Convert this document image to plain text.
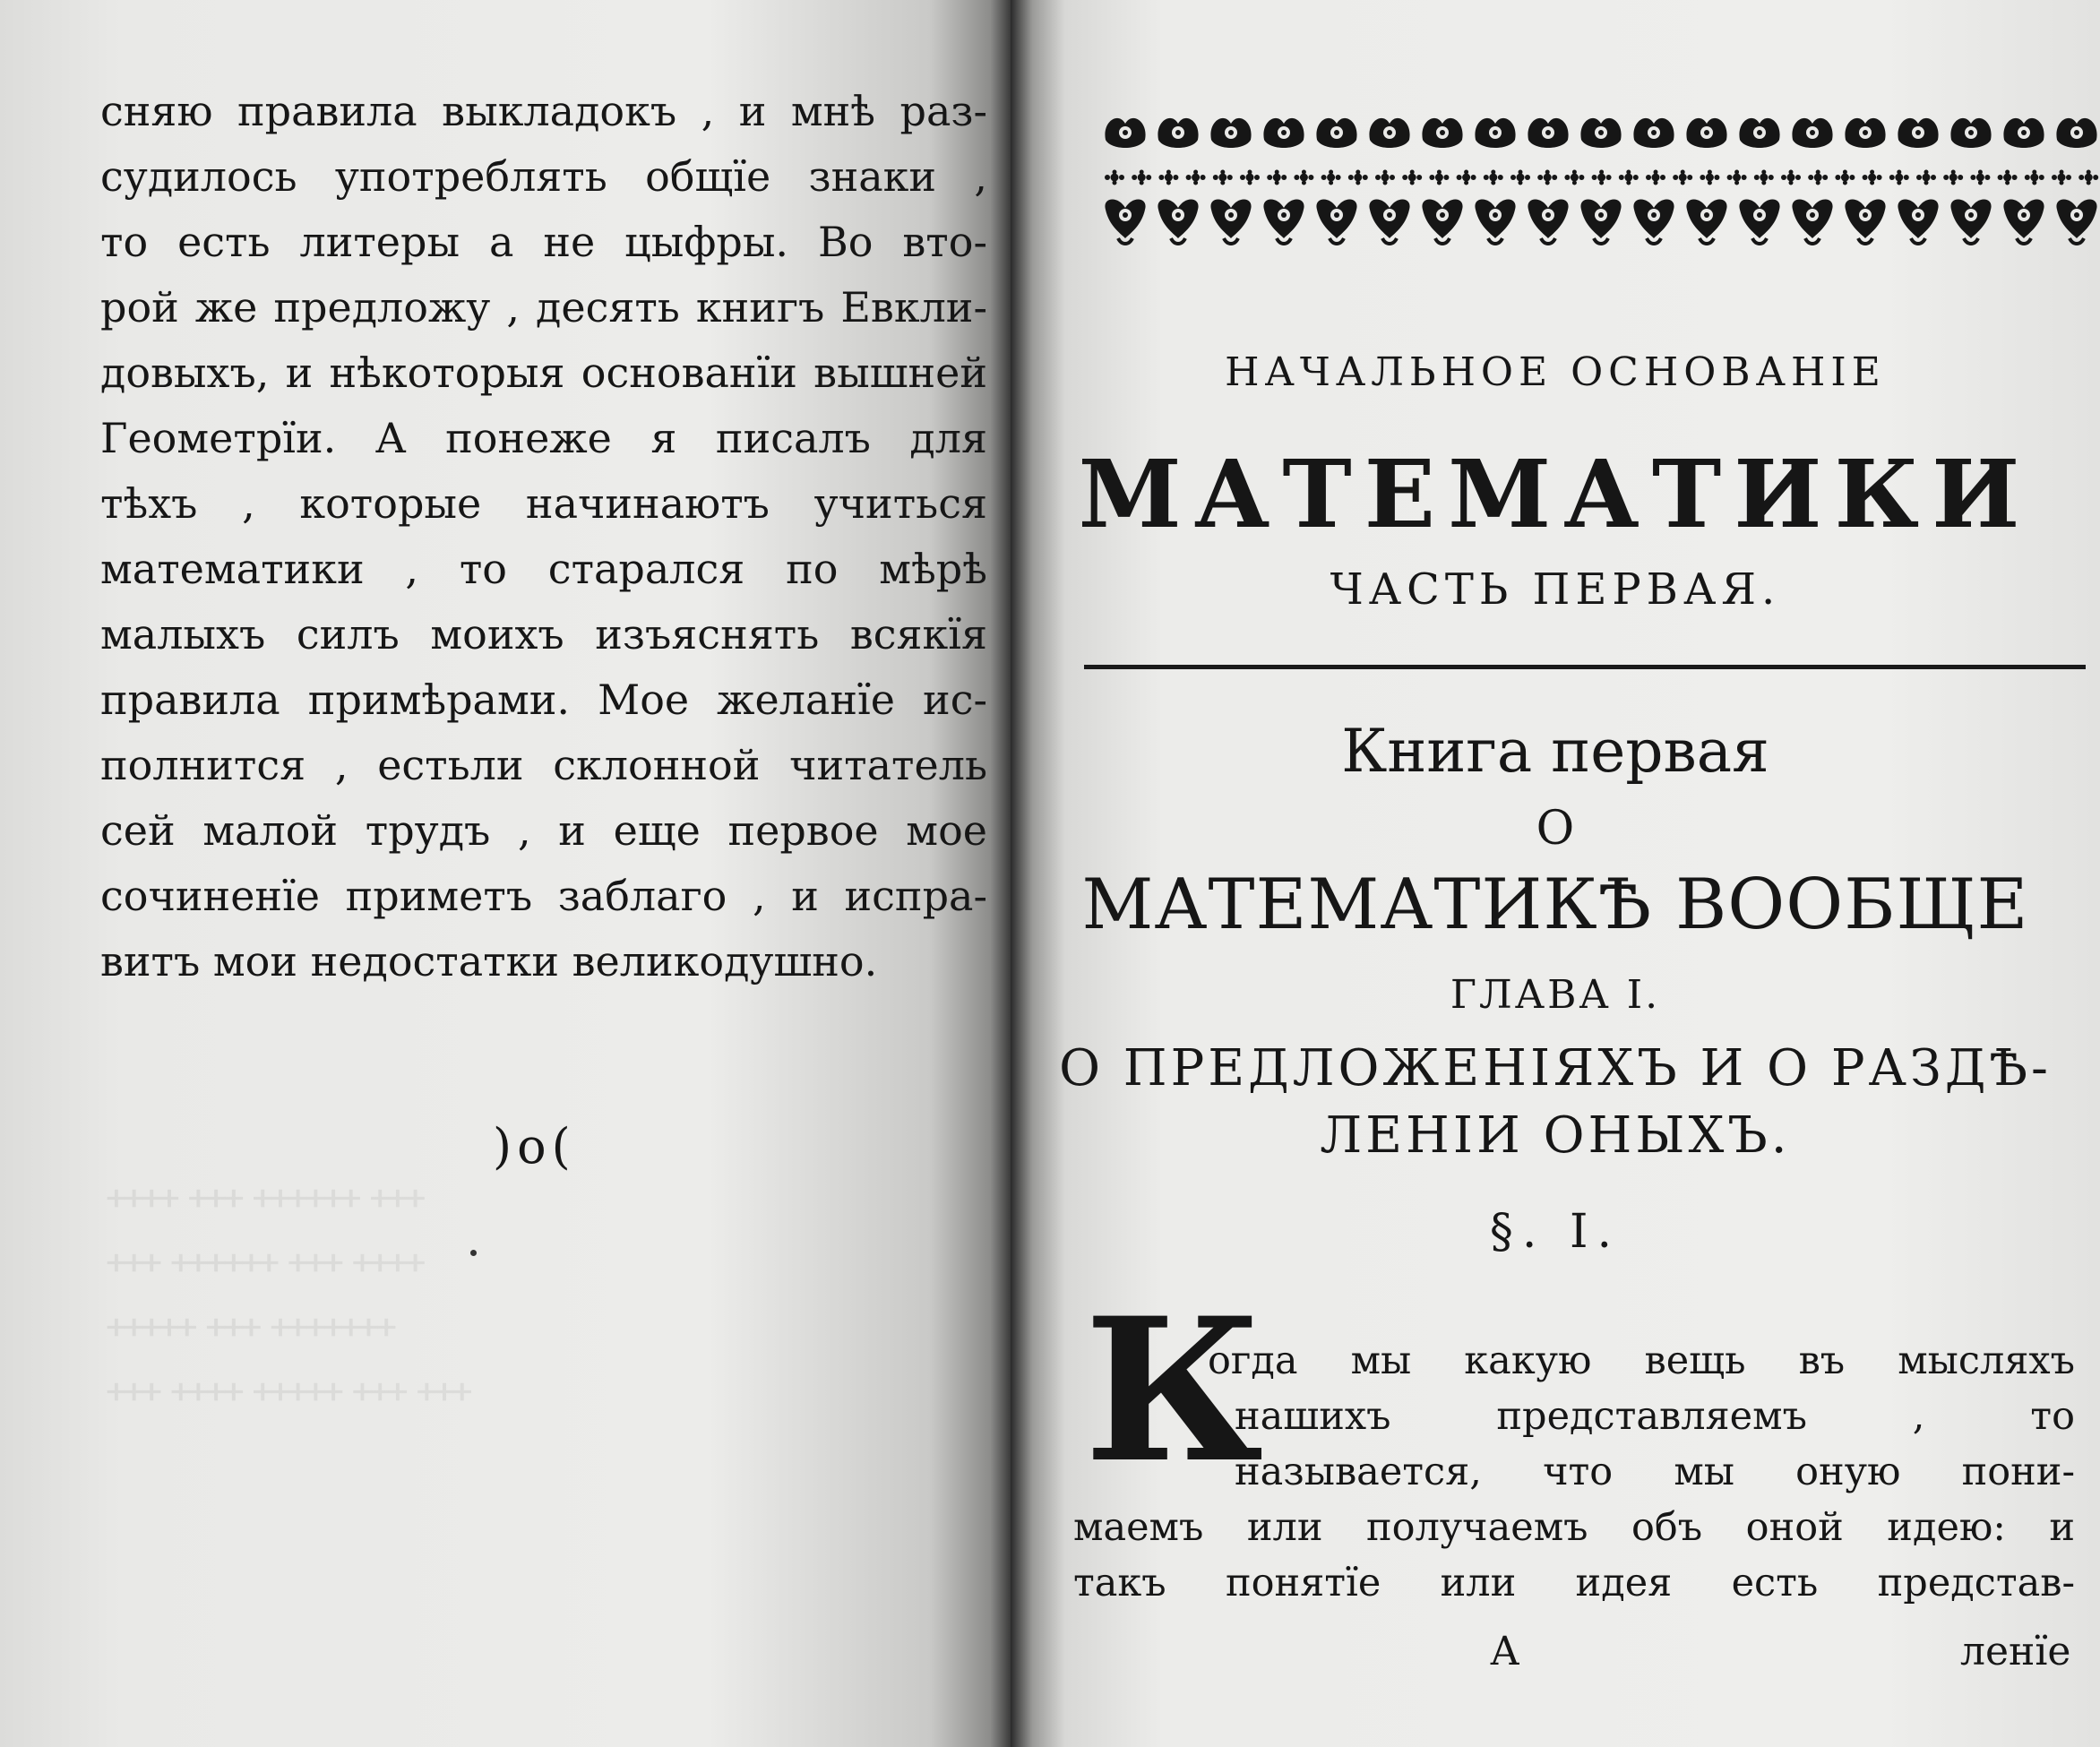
ᚐᚐᚐᚐ ᚐᚐᚐ ᚐᚐᚐᚐᚐᚐ ᚐᚐᚐ
ᚐᚐᚐ ᚐᚐᚐᚐᚐᚐ ᚐᚐᚐ ᚐᚐᚐᚐ
ᚐᚐᚐᚐᚐ ᚐᚐᚐ ᚐᚐᚐᚐᚐᚐᚐ
ᚐᚐᚐ ᚐᚐᚐᚐ ᚐᚐᚐᚐᚐ ᚐᚐᚐ ᚐᚐᚐ
сняю правила выкладокъ , и мнѣ раз-
судилось употреблять общїе знаки ,
то есть литеры а не цыфры. Во вто-
рой же предложу , десять книгъ Евкли-
довыхъ, и нѣкоторыя основанїи вышней
Геометрїи. А понеже я писалъ для
тѣхъ , которые начинаютъ учиться
математики , то старался по мѣрѣ
малыхъ силъ моихъ изъяснять всякїя
правила примѣрами. Мое желанїе ис-
полнится , естьли склонной читатель
сей малой трудъ , и еще первое мое
сочиненїе приметъ заблаго , и испра-
витъ мои недостатки великодушно.
)o(
НАЧАЛЬНОЕ ОСНОВАНIЕ
МАТЕМАТИКИ
ЧАСТЬ ПЕРВАЯ.
Книга первая
О
МАТЕМАТИКѢ ВООБЩЕ
ГЛАВА I.
О ПРЕДЛОЖЕНIЯХЪ И О РАЗДѢ-
ЛЕНIИ ОНЫХЪ.
§. I.
К
огда мы какую вещь въ мысляхъ
нашихъ представляемъ , то
называется, что мы оную пони-
маемъ или получаемъ объ оной идею: и
такъ понятїе или идея есть представ-
А	ленїе
